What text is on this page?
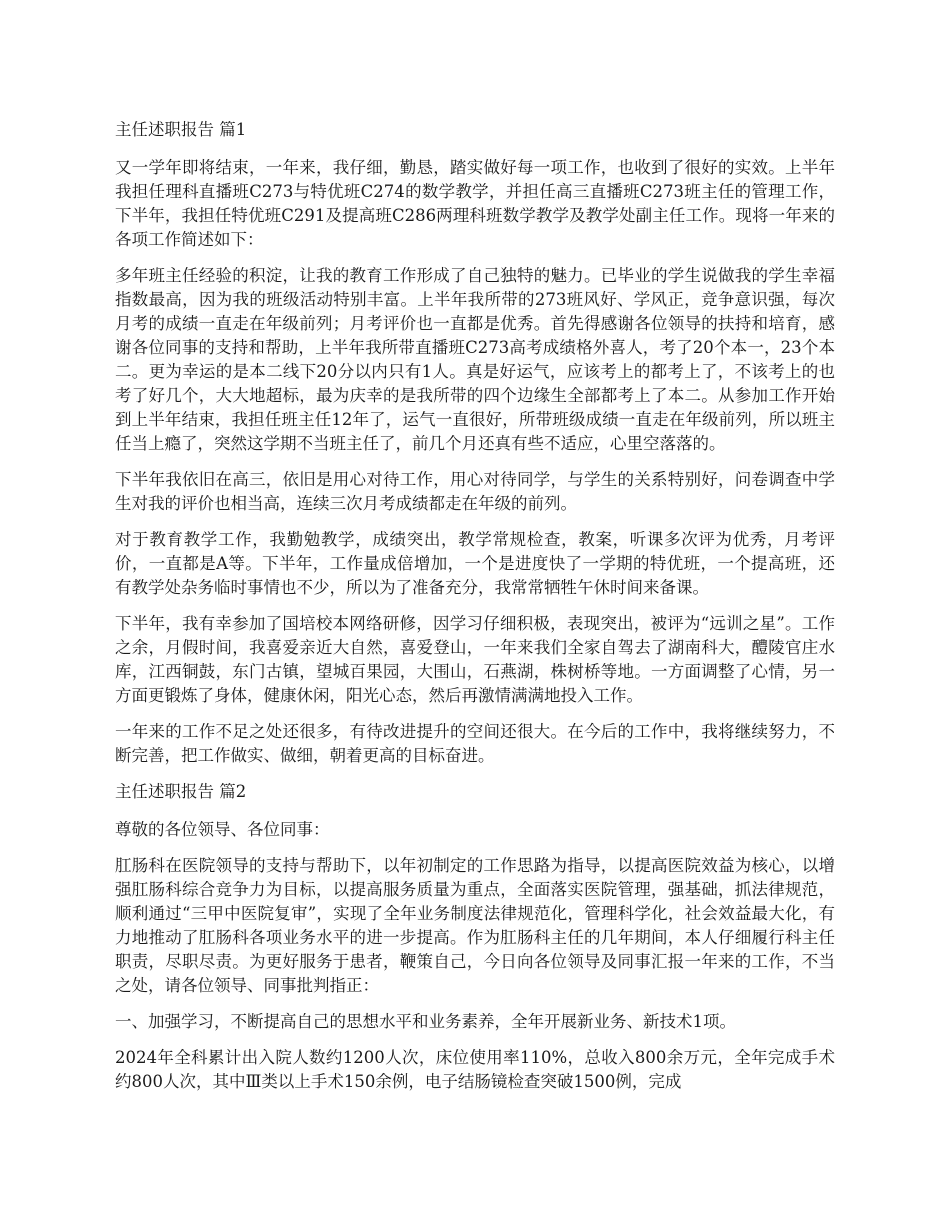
主任述职报告 篇1

又一学年即将结束，一年来，我仔细，勤恳，踏实做好每一项工作，也收到了很好的实效。上半年我担任理科直播班C273与特优班C274的数学教学，并担任高三直播班C273班主任的管理工作，下半年，我担任特优班C291及提高班C286两理科班数学教学及教学处副主任工作。现将一年来的各项工作简述如下：

多年班主任经验的积淀，让我的教育工作形成了自己独特的魅力。已毕业的学生说做我的学生幸福指数最高，因为我的班级活动特别丰富。上半年我所带的273班风好、学风正，竞争意识强，每次月考的成绩一直走在年级前列；月考评价也一直都是优秀。首先得感谢各位领导的扶持和培育，感谢各位同事的支持和帮助，上半年我所带直播班C273高考成绩格外喜人，考了20个本一，23个本二。更为幸运的是本二线下20分以内只有1人。真是好运气，应该考上的都考上了，不该考上的也考了好几个，大大地超标，最为庆幸的是我所带的四个边缘生全部都考上了本二。从参加工作开始到上半年结束，我担任班主任12年了，运气一直很好，所带班级成绩一直走在年级前列，所以班主任当上瘾了，突然这学期不当班主任了，前几个月还真有些不适应，心里空落落的。

下半年我依旧在高三，依旧是用心对待工作，用心对待同学，与学生的关系特别好，问卷调查中学生对我的评价也相当高，连续三次月考成绩都走在年级的前列。

对于教育教学工作，我勤勉教学，成绩突出，教学常规检查，教案，听课多次评为优秀，月考评价，一直都是A等。下半年，工作量成倍增加，一个是进度快了一学期的特优班，一个提高班，还有教学处杂务临时事情也不少，所以为了准备充分，我常常牺牲午休时间来备课。

下半年，我有幸参加了国培校本网络研修，因学习仔细积极，表现突出，被评为“远训之星”。工作之余，月假时间，我喜爱亲近大自然，喜爱登山，一年来我们全家自驾去了湖南科大，醴陵官庄水库，江西铜鼓，东门古镇，望城百果园，大围山，石燕湖，株树桥等地。一方面调整了心情，另一方面更锻炼了身体，健康休闲，阳光心态，然后再激情满满地投入工作。

一年来的工作不足之处还很多，有待改进提升的空间还很大。在今后的工作中，我将继续努力，不断完善，把工作做实、做细，朝着更高的目标奋进。

主任述职报告 篇2

尊敬的各位领导、各位同事：

肛肠科在医院领导的支持与帮助下，以年初制定的工作思路为指导，以提高医院效益为核心，以增强肛肠科综合竞争力为目标，以提高服务质量为重点，全面落实医院管理，强基础，抓法律规范，顺利通过“三甲中医院复审”，实现了全年业务制度法律规范化，管理科学化，社会效益最大化，有力地推动了肛肠科各项业务水平的进一步提高。作为肛肠科主任的几年期间，本人仔细履行科主任职责，尽职尽责。为更好服务于患者，鞭策自己，今日向各位领导及同事汇报一年来的工作，不当之处，请各位领导、同事批判指正：

一、加强学习，不断提高自己的思想水平和业务素养，全年开展新业务、新技术1项。

2024年全科累计出入院人数约1200人次，床位使用率110%，总收入800余万元，全年完成手术约800人次，其中Ⅲ类以上手术150余例，电子结肠镜检查突破1500例，完成
